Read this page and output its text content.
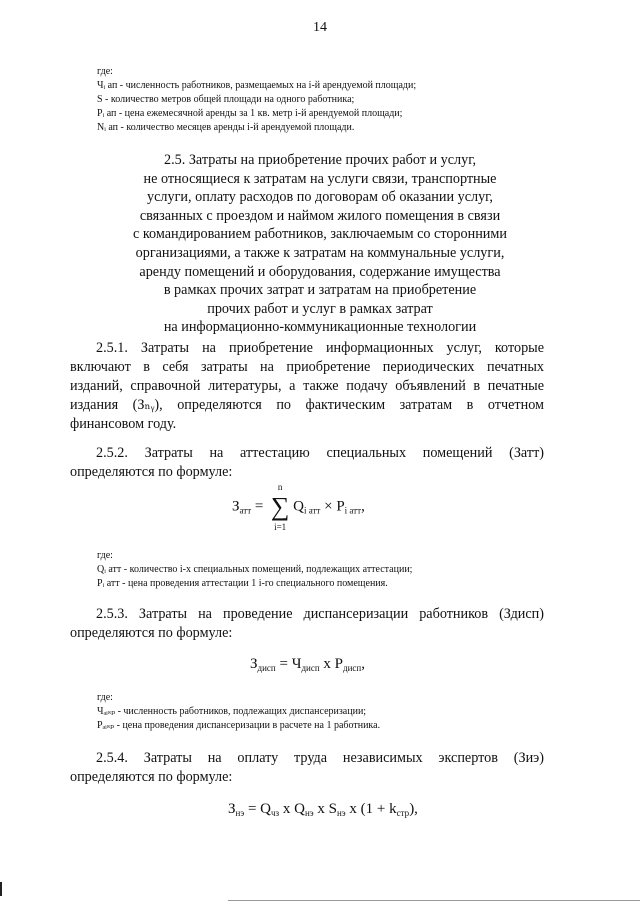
14
где:
Чᵢ ап - численность работников, размещаемых на i-й арендуемой площади;
S - количество метров общей площади на одного работника;
Pᵢ ап - цена ежемесячной аренды за 1 кв. метр i-й арендуемой площади;
Nᵢ ап - количество месяцев аренды i-й арендуемой площади.
2.5. Затраты на приобретение прочих работ и услуг,
не относящиеся к затратам на услуги связи, транспортные
услуги, оплату расходов по договорам об оказании услуг,
связанных с проездом и наймом жилого помещения в связи
с командированием работников, заключаемым со сторонними
организациями, а также к затратам на коммунальные услуги,
аренду помещений и оборудования, содержание имущества
в рамках прочих затрат и затратам на приобретение
прочих работ и услуг в рамках затрат
на информационно-коммуникационные технологии
2.5.1. Затраты на приобретение информационных услуг, которые
включают в себя затраты на приобретение периодических печатных
изданий, справочной литературы, а также подачу объявлений в печатные
издания (Зₙᵧ), определяются по фактическим затратам в отчетном
финансовом году.
2.5.2. Затраты на аттестацию специальных помещений (Затт)
определяются по формуле:
$З_{атт}$ =
n
∑
i=1
$Q_{i атт} \times P_{i атт}$,
где:
Qᵢ атт - количество i-х специальных помещений, подлежащих аттестации;
Pᵢ атт - цена проведения аттестации 1 i-го специального помещения.
2.5.3. Затраты на проведение диспансеризации работников (Здисп)
определяются по формуле:
$З_{дисп} = Ч_{дисп}$ x $P_{дисп}$,
где:
Чₔᵢₛₚ - численность работников, подлежащих диспансеризации;
Pₔᵢₛₚ - цена проведения диспансеризации в расчете на 1 работника.
2.5.4. Затраты на оплату труда независимых экспертов (Зиэ)
определяются по формуле:
$З_{нэ} = Q_{чз}$ x $Q_{нэ}$ x $S_{нэ}$ x $(1 + k_{стр})$,
